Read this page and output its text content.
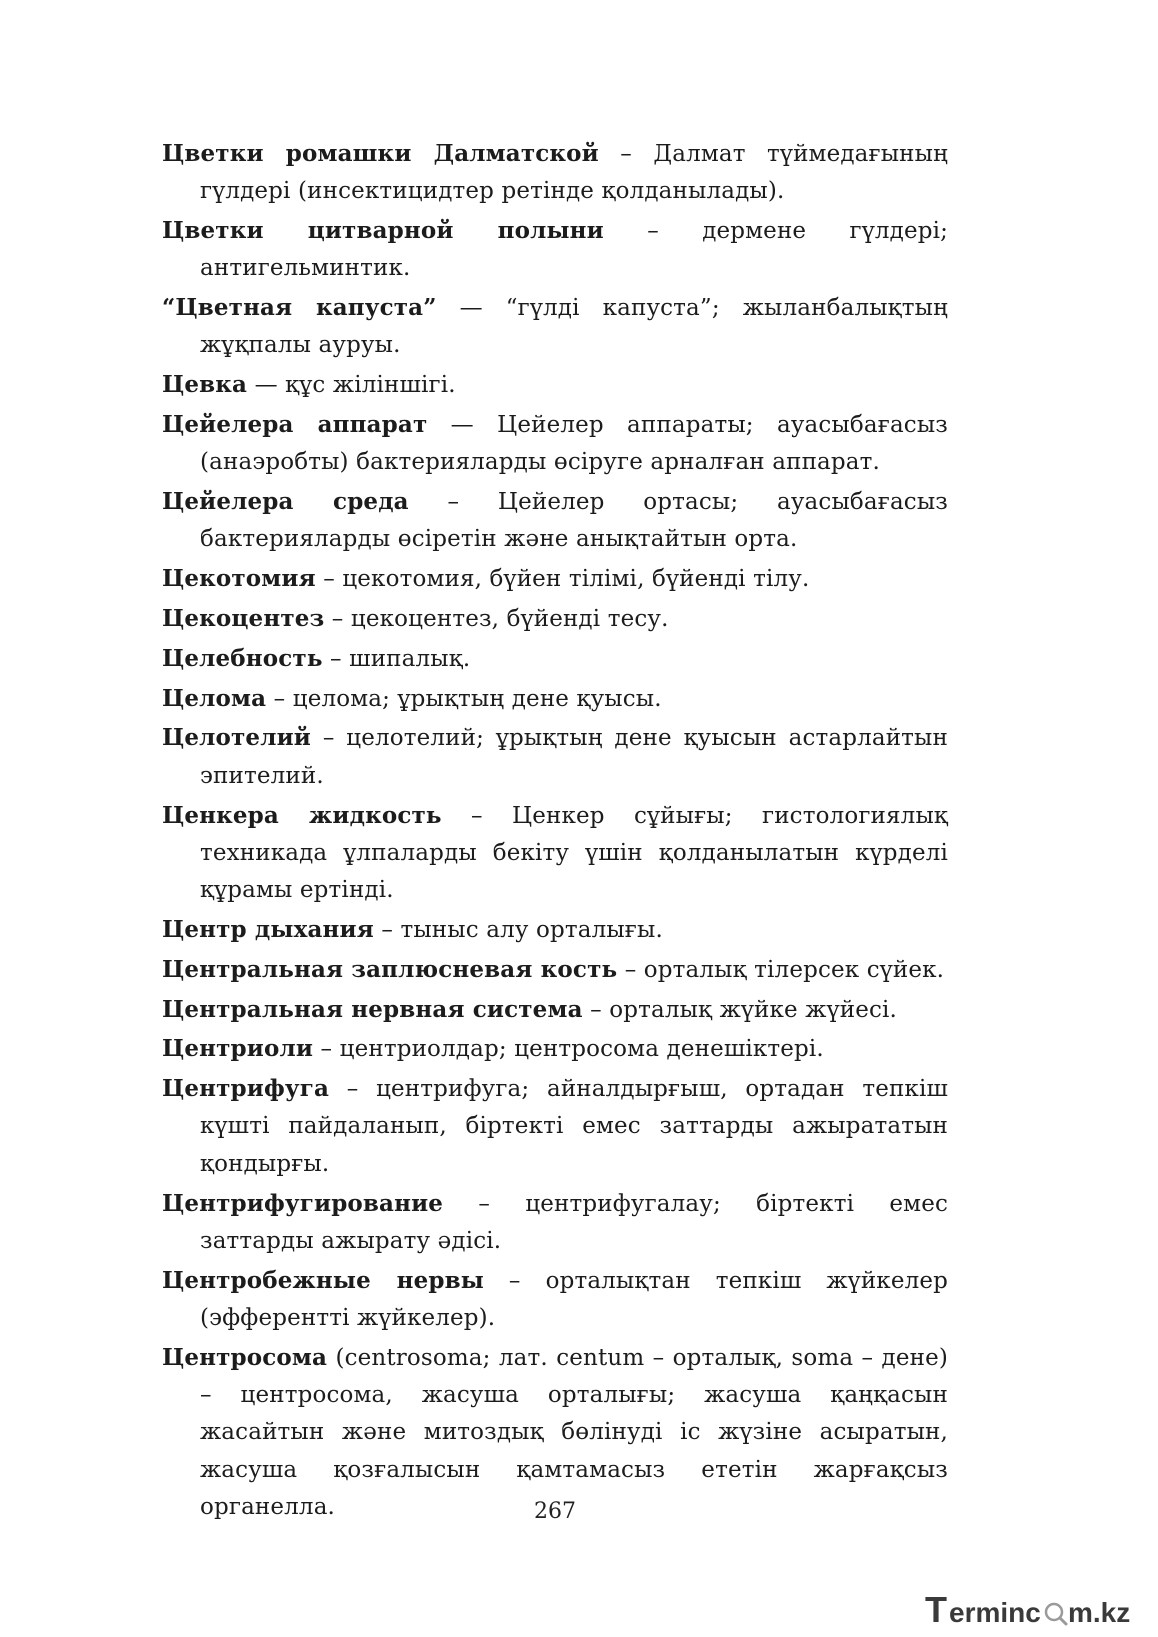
Цветки ромашки Далматской – Далмат түймедағының гүлдері (инсектицидтер ретінде қолданылады).

Цветки цитварной полыни – дермене гүлдері; антигельминтик.

“Цветная капуста” — “гүлді капуста”; жыланбалықтың жұқпалы ауруы.

Цевка — құс жіліншігі.

Цейелера аппарат — Цейелер аппараты; ауасыбағасыз (анаэробты) бактерияларды өсіруге арналған аппарат.

Цейелера среда – Цейелер ортасы; ауасыбағасыз бактерияларды өсіретін және анықтайтын орта.

Цекотомия – цекотомия, бүйен тілімі, бүйенді тілу.

Цекоцентез – цекоцентез, бүйенді тесу.

Целебность – шипалық.

Целома – целома; ұрықтың дене қуысы.

Целотелий – целотелий; ұрықтың дене қуысын астарлайтын эпителий.

Ценкера жидкость – Ценкер сұйығы; гистологиялық техникада ұлпаларды бекіту үшін қолданылатын күрделі құрамы ертінді.

Центр дыхания – тыныс алу орталығы.

Центральная заплюсневая кость – орталық тілерсек сүйек.

Центральная нервная система – орталық жүйке жүйесі.

Центриоли – центриолдар; центросома денешіктері.

Центрифуга – центрифуга; айналдырғыш, ортадан тепкіш күшті пайдаланып, біртекті емес заттарды ажырататын қондырғы.

Центрифугирование – центрифугалау; біртекті емес заттарды ажырату әдісі.

Центробежные нервы – орталықтан тепкіш жүйкелер (эфферентті жүйкелер).

Центросома (centrosoma; лат. centum – орталық, soma – дене) – центросома, жасуша орталығы; жасуша қаңқасын жасайтын және митоздық бөлінуді іс жүзіне асыратын, жасуша қозғалысын қамтамасыз ететін жарғақсыз органелла.	267
T erminc m.kz
